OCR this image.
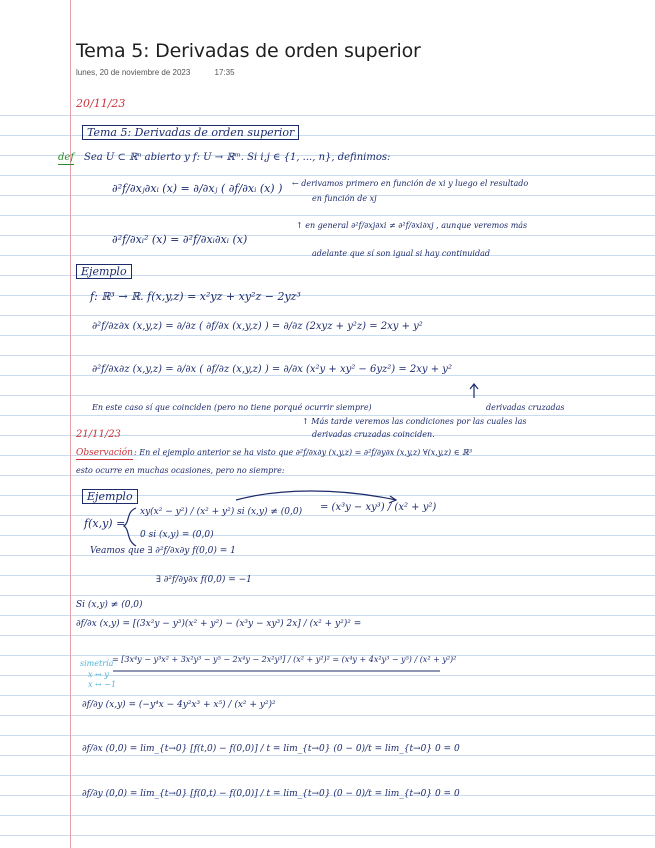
Tema 5: Derivadas de orden superior
lunes, 20 de noviembre de 2023	17:35
20/11/23
Tema 5: Derivadas de orden superior
def Sea U ⊂ ℝⁿ abierto y f: U → ℝᵐ. Si i,j ∈ {1, ..., n}, definimos:
∂²f/∂xⱼ∂xᵢ (x) = ∂/∂xⱼ ( ∂f/∂xᵢ (x) ) ← derivamos primero en función de xi y luego el resultado
en función de xj
∂²f/∂xᵢ² (x) = ∂²f/∂xᵢ∂xᵢ (x)
↑ en general ∂²f/∂xj∂xi ≠ ∂²f/∂xi∂xj , aunque veremos más
adelante que sí son igual si hay continuidad
Ejemplo
f: ℝ³ → ℝ. f(x,y,z) = x²yz + xy²z − 2yz³
∂²f/∂z∂x (x,y,z) = ∂/∂z ( ∂f/∂x (x,y,z) ) = ∂/∂z (2xyz + y²z) = 2xy + y²
∂²f/∂x∂z (x,y,z) = ∂/∂x ( ∂f/∂z (x,y,z) ) = ∂/∂x (x²y + xy² − 6yz²) = 2xy + y²
En este caso sí que coinciden (pero no tiene porqué ocurrir siempre)	derivadas cruzadas
↑ Más tarde veremos las condiciones por las cuales las
derivadas cruzadas coinciden.
21/11/23
Observación : En el ejemplo anterior se ha visto que ∂²f/∂x∂y (x,y,z) = ∂²f/∂y∂x (x,y,z) ∀(x,y,z) ∈ ℝ³
esto ocurre en muchas ocasiones, pero no siempre:
Ejemplo
f(x,y) =
xy(x² − y²) / (x² + y²) si (x,y) ≠ (0,0)
0 si (x,y) = (0,0)
= (x³y − xy³) / (x² + y²)
Veamos que ∃ ∂²f/∂x∂y f(0,0) = 1
∃ ∂²f/∂y∂x f(0,0) = −1
Si (x,y) ≠ (0,0)
∂f/∂x (x,y) = [(3x²y − y³)(x² + y²) − (x³y − xy³) 2x] / (x² + y²)² =
= [3x⁴y − y³x² + 3x²y³ − y⁵ − 2x⁴y − 2x²y³] / (x² + y²)² = (x⁴y + 4x²y³ − y⁵) / (x² + y²)²
simetría
x ↔ y
x ↔ −1
∂f/∂y (x,y) = (−y⁴x − 4y²x³ + x⁵) / (x² + y²)²
∂f/∂x (0,0) = lim_{t→0} [f(t,0) − f(0,0)] / t = lim_{t→0} (0 − 0)/t = lim_{t→0} 0 = 0
∂f/∂y (0,0) = lim_{t→0} [f(0,t) − f(0,0)] / t = lim_{t→0} (0 − 0)/t = lim_{t→0} 0 = 0
